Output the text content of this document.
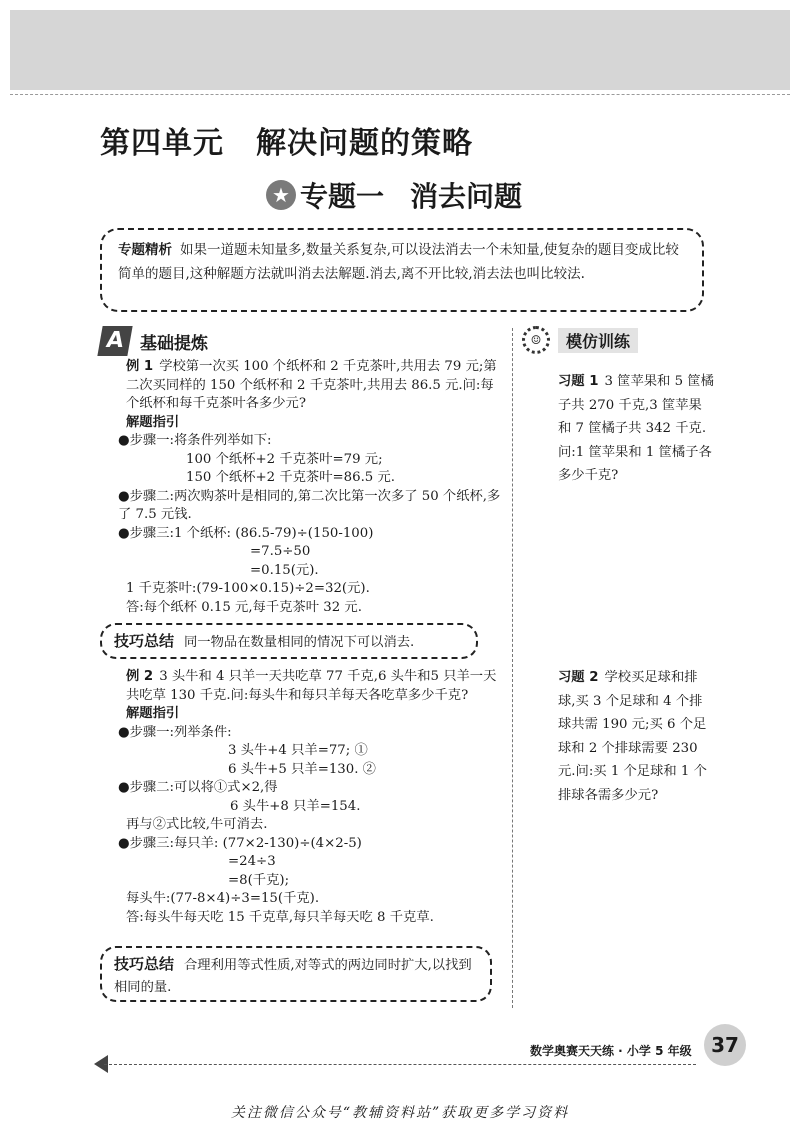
第四单元 解决问题的策略
★ 专题一 消去问题
专题精析 如果一道题未知量多,数量关系复杂,可以设法消去一个未知量,使复杂的题目变成比较简单的题目,这种解题方法就叫消去法解题.消去,离不开比较,消去法也叫比较法.
A 基础提炼	☺	模仿训练

例 1 学校第一次买 100 个纸杯和 2 千克茶叶,共用去 79 元;第二次买同样的 150 个纸杯和 2 千克茶叶,共用去 86.5 元.问:每个纸杯和每千克茶叶各多少元?

解题指引

●步骤一:将条件列举如下:

100 个纸杯+2 千克茶叶=79 元;

150 个纸杯+2 千克茶叶=86.5 元.

●步骤二:两次购茶叶是相同的,第二次比第一次多了 50 个纸杯,多了 7.5 元钱.

●步骤三:1 个纸杯: (86.5-79)÷(150-100)

=7.5÷50

=0.15(元).

1 千克茶叶:(79-100×0.15)÷2=32(元).

答:每个纸杯 0.15 元,每千克茶叶 32 元.

例 2 3 头牛和 4 只羊一天共吃草 77 千克,6 头牛和5 只羊一天共吃草 130 千克.问:每头牛和每只羊每天各吃草多少千克?

解题指引

●步骤一:列举条件:

3 头牛+4 只羊=77; ①

6 头牛+5 只羊=130. ②

●步骤二:可以将①式×2,得

6 头牛+8 只羊=154.

再与②式比较,牛可消去.

●步骤三:每只羊: (77×2-130)÷(4×2-5)

=24÷3

=8(千克);

每头牛:(77-8×4)÷3=15(千克).

答:每头牛每天吃 15 千克草,每只羊每天吃 8 千克草.

技巧总结 同一物品在数量相同的情况下可以消去.
技巧总结 合理利用等式性质,对等式的两边同时扩大,以找到相同的量.

习题 1 3 筐苹果和 5 筐橘子共 270 千克,3 筐苹果和 7 筐橘子共 342 千克.问:1 筐苹果和 1 筐橘子各多少千克?

习题 2 学校买足球和排球,买 3 个足球和 4 个排球共需 190 元;买 6 个足球和 2 个排球需要 230 元.问:买 1 个足球和 1 个排球各需多少元?

数学奥赛天天练 · 小学 5 年级 37
关注微信公众号“教辅资料站”获取更多学习资料
